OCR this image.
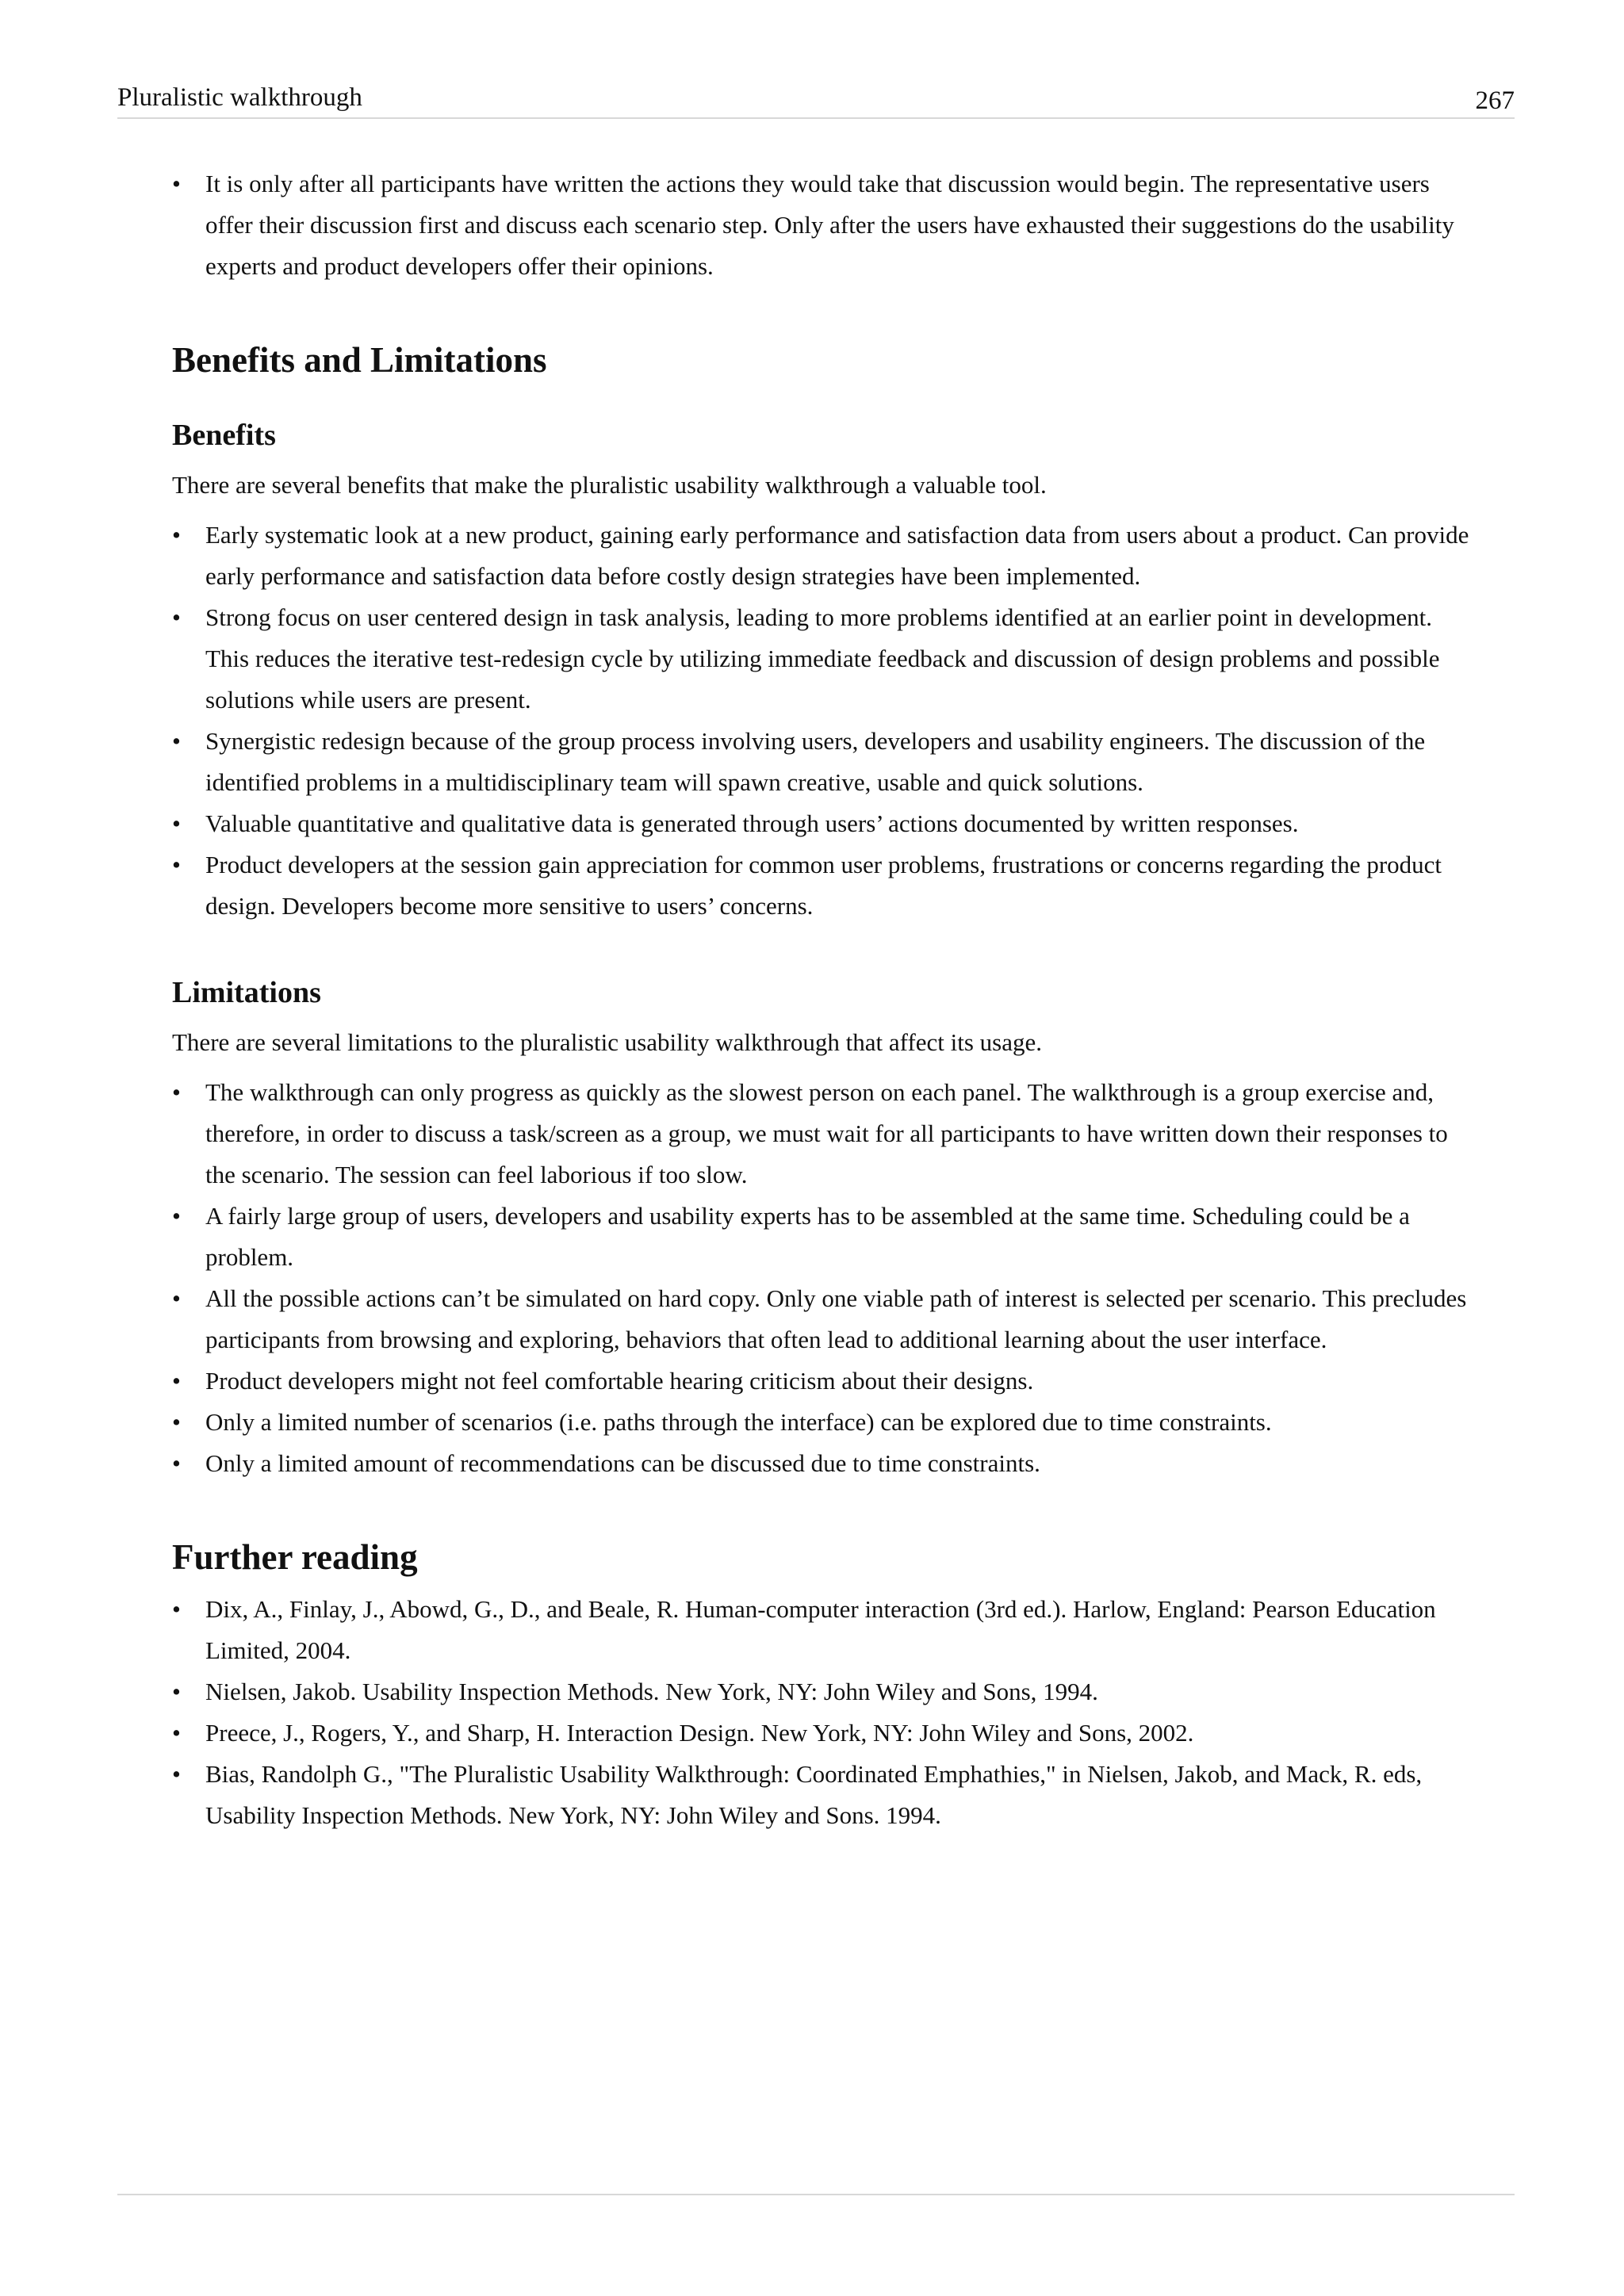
Pluralistic walkthrough	267
• It is only after all participants have written the actions they would take that discussion would begin. The representative users offer their discussion first and discuss each scenario step. Only after the users have exhausted their suggestions do the usability experts and product developers offer their opinions.
Benefits and Limitations
Benefits

There are several benefits that make the pluralistic usability walkthrough a valuable tool.

• Early systematic look at a new product, gaining early performance and satisfaction data from users about a product. Can provide early performance and satisfaction data before costly design strategies have been implemented.
• Strong focus on user centered design in task analysis, leading to more problems identified at an earlier point in development. This reduces the iterative test-redesign cycle by utilizing immediate feedback and discussion of design problems and possible solutions while users are present.
• Synergistic redesign because of the group process involving users, developers and usability engineers. The discussion of the identified problems in a multidisciplinary team will spawn creative, usable and quick solutions.
• Valuable quantitative and qualitative data is generated through users’ actions documented by written responses.
• Product developers at the session gain appreciation for common user problems, frustrations or concerns regarding the product design. Developers become more sensitive to users’ concerns.
Limitations

There are several limitations to the pluralistic usability walkthrough that affect its usage.

• The walkthrough can only progress as quickly as the slowest person on each panel. The walkthrough is a group exercise and, therefore, in order to discuss a task/screen as a group, we must wait for all participants to have written down their responses to the scenario. The session can feel laborious if too slow.
• A fairly large group of users, developers and usability experts has to be assembled at the same time. Scheduling could be a problem.
• All the possible actions can’t be simulated on hard copy. Only one viable path of interest is selected per scenario. This precludes participants from browsing and exploring, behaviors that often lead to additional learning about the user interface.
• Product developers might not feel comfortable hearing criticism about their designs.
• Only a limited number of scenarios (i.e. paths through the interface) can be explored due to time constraints.
• Only a limited amount of recommendations can be discussed due to time constraints.
Further reading
• Dix, A., Finlay, J., Abowd, G., D., and Beale, R. Human-computer interaction (3rd ed.). Harlow, England: Pearson Education Limited, 2004.
• Nielsen, Jakob. Usability Inspection Methods. New York, NY: John Wiley and Sons, 1994.
• Preece, J., Rogers, Y., and Sharp, H. Interaction Design. New York, NY: John Wiley and Sons, 2002.
• Bias, Randolph G., "The Pluralistic Usability Walkthrough: Coordinated Emphathies," in Nielsen, Jakob, and Mack, R. eds, Usability Inspection Methods. New York, NY: John Wiley and Sons. 1994.
